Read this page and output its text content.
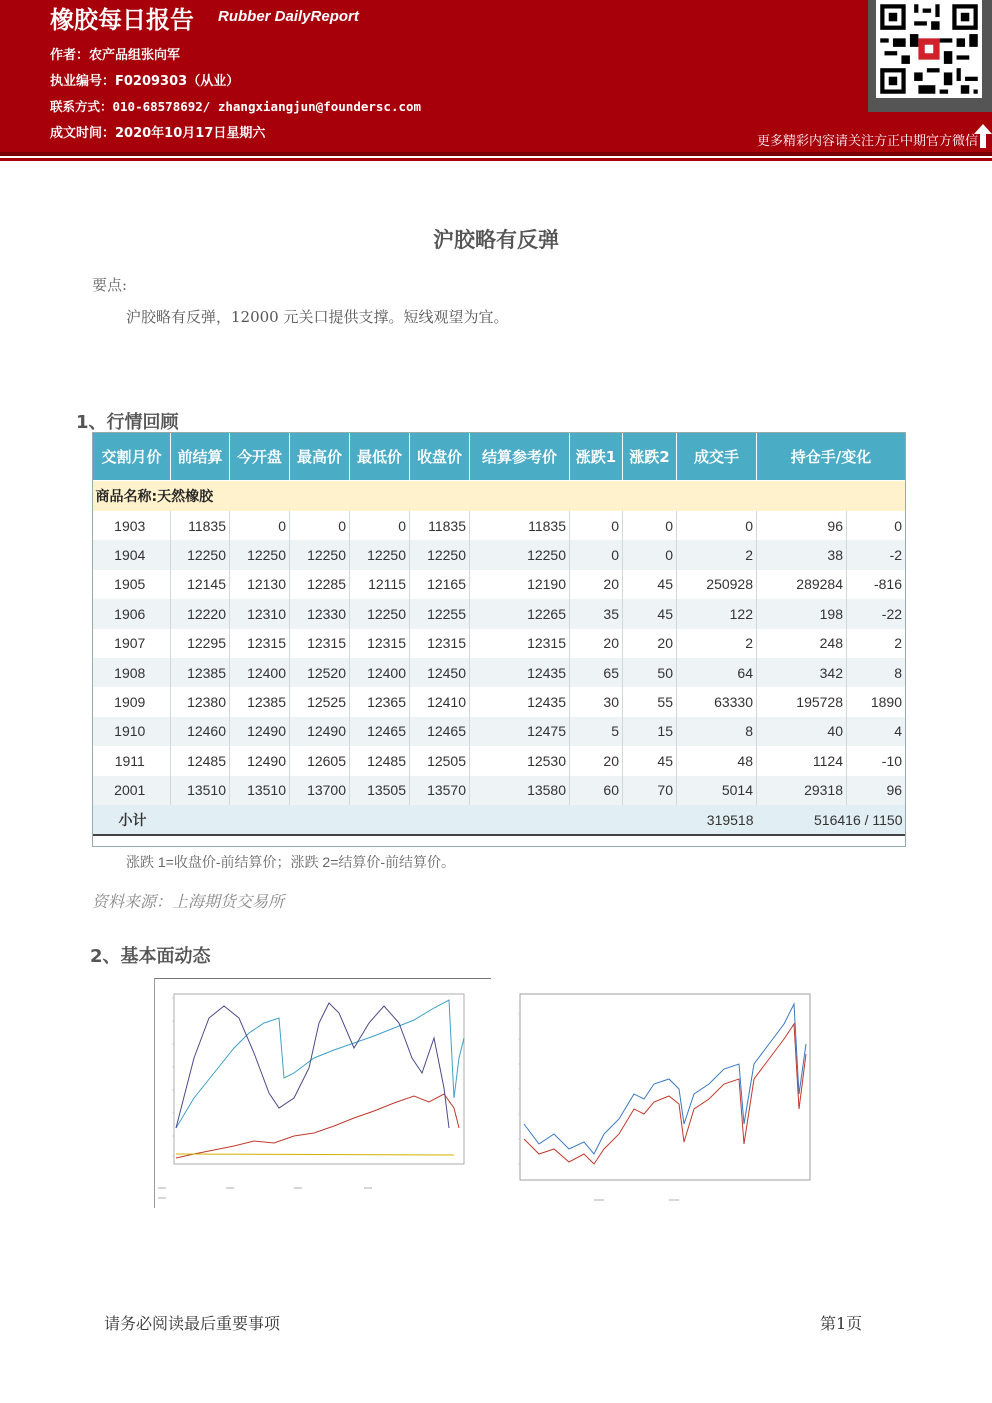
橡胶每日报告 Rubber DailyReport
作者：农产品组张向军
执业编号：F0209303（从业）
联系方式：010-68578692/ zhangxiangjun@foundersc.com
成文时间：2020年10月17日星期六
更多精彩内容请关注方正中期官方微信
沪胶略有反弹
要点:
沪胶略有反弹，12000 元关口提供支撑。短线观望为宜。
1、行情回顾
交割月价	前结算	今开盘	最高价	最低价	收盘价	结算参考价	涨跌1	涨跌2	成交手	持仓手/变化	
商品名称:天然橡胶											
1903	11835	0	0	0	11835	11835	0	0	0	96	0
1904	12250	12250	12250	12250	12250	12250	0	0	2	38	-2
1905	12145	12130	12285	12115	12165	12190	20	45	250928	289284	-816
1906	12220	12310	12330	12250	12255	12265	35	45	122	198	-22
1907	12295	12315	12315	12315	12315	12315	20	20	2	248	2
1908	12385	12400	12520	12400	12450	12435	65	50	64	342	8
1909	12380	12385	12525	12365	12410	12435	30	55	63330	195728	1890
1910	12460	12490	12490	12465	12465	12475	5	15	8	40	4
1911	12485	12490	12605	12485	12505	12530	20	45	48	1124	-10
2001	13510	13510	13700	13505	13570	13580	60	70	5014	29318	96
小计									319518	516416 / 1150	
涨跌 1=收盘价-前结算价；涨跌 2=结算价-前结算价。
资料来源：上海期货交易所
2、基本面动态
请务必阅读最后重要事项	第1页
